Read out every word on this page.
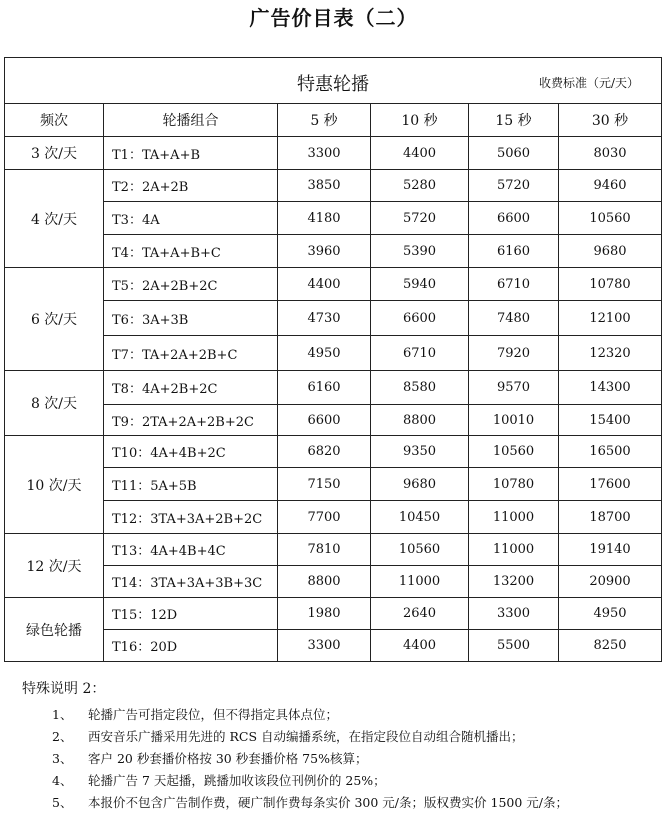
广告价目表（二）
特惠轮播 收费标准（元/天）					

频次	轮播组合	5 秒	10 秒	15 秒	30 秒
3 次/天	T1：TA+A+B	3300	4400	5060	8030
4 次/天	T2：2A+2B	3850	5280	5720	9460
	T3：4A	4180	5720	6600	10560
	T4：TA+A+B+C	3960	5390	6160	9680
6 次/天	T5：2A+2B+2C	4400	5940	6710	10780
	T6：3A+3B	4730	6600	7480	12100
	T7：TA+2A+2B+C	4950	6710	7920	12320
8 次/天	T8：4A+2B+2C	6160	8580	9570	14300
	T9：2TA+2A+2B+2C	6600	8800	10010	15400
10 次/天	T10：4A+4B+2C	6820	9350	10560	16500
	T11：5A+5B	7150	9680	10780	17600
	T12：3TA+3A+2B+2C	7700	10450	11000	18700
12 次/天	T13：4A+4B+4C	7810	10560	11000	19140
	T14：3TA+3A+3B+3C	8800	11000	13200	20900
绿色轮播	T15：12D	1980	2640	3300	4950
	T16：20D	3300	4400	5500	8250
特殊说明 2：
1、 轮播广告可指定段位，但不得指定具体点位；
2、 西安音乐广播采用先进的 RCS 自动编播系统，在指定段位自动组合随机播出；
3、 客户 20 秒套播价格按 30 秒套播价格 75%核算；
4、 轮播广告 7 天起播，跳播加收该段位刊例价的 25%；
5、 本报价不包含广告制作费，硬广制作费每条实价 300 元/条；版权费实价 1500 元/条；
